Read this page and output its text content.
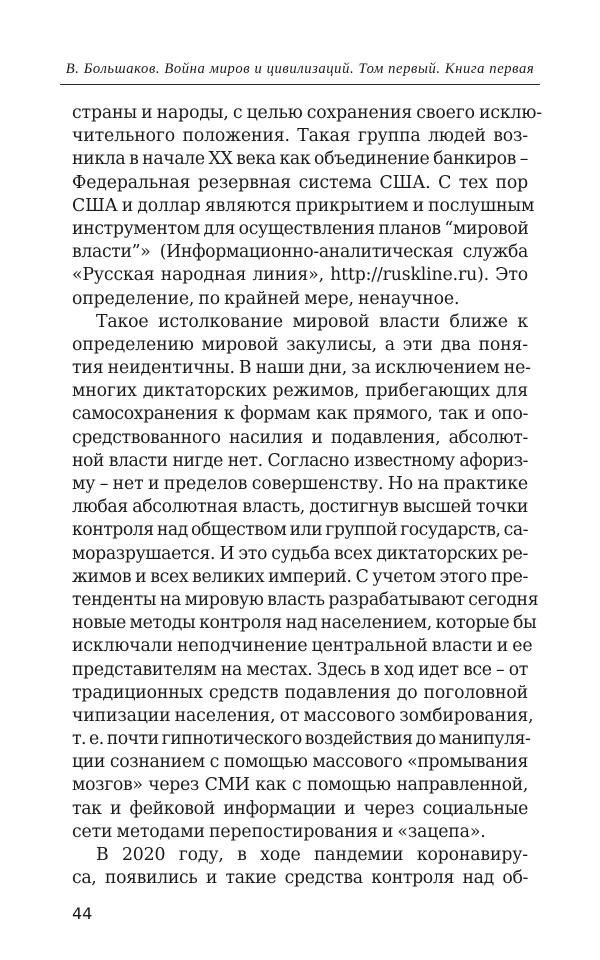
В. Большаков. Война миров и цивилизаций. Том первый. Книга первая
страны и народы, с целью сохранения своего исклю-
чительного положения. Такая группа людей воз-
никла в начале XX века как объединение банкиров –
Федеральная резервная система США. С тех пор
США и доллар являются прикрытием и послушным
инструментом для осуществления планов “мировой
власти”» (Информационно-аналитическая служба
«Русская народная линия», http://ruskline.ru). Это
определение, по крайней мере, ненаучное.
Такое истолкование мировой власти ближе к
определению мировой закулисы, а эти два поня-
тия неидентичны. В наши дни, за исключением не-
многих диктаторских режимов, прибегающих для
самосохранения к формам как прямого, так и опо-
средствованного насилия и подавления, абсолют-
ной власти нигде нет. Согласно известному афориз-
му – нет и пределов совершенству. Но на практике
любая абсолютная власть, достигнув высшей точки
контроля над обществом или группой государств, са-
моразрушается. И это судьба всех диктаторских ре-
жимов и всех великих империй. С учетом этого пре-
тенденты на мировую власть разрабатывают сегодня
новые методы контроля над населением, которые бы
исключали неподчинение центральной власти и ее
представителям на местах. Здесь в ход идет все – от
традиционных средств подавления до поголовной
чипизации населения, от массового зомбирования,
т. е. почти гипнотического воздействия до манипуля-
ции сознанием с помощью массового «промывания
мозгов» через СМИ как с помощью направленной,
так и фейковой информации и через социальные
сети методами перепостирования и «зацепа».
В 2020 году, в ходе пандемии коронавиру-
са, появились и такие средства контроля над об-
44
